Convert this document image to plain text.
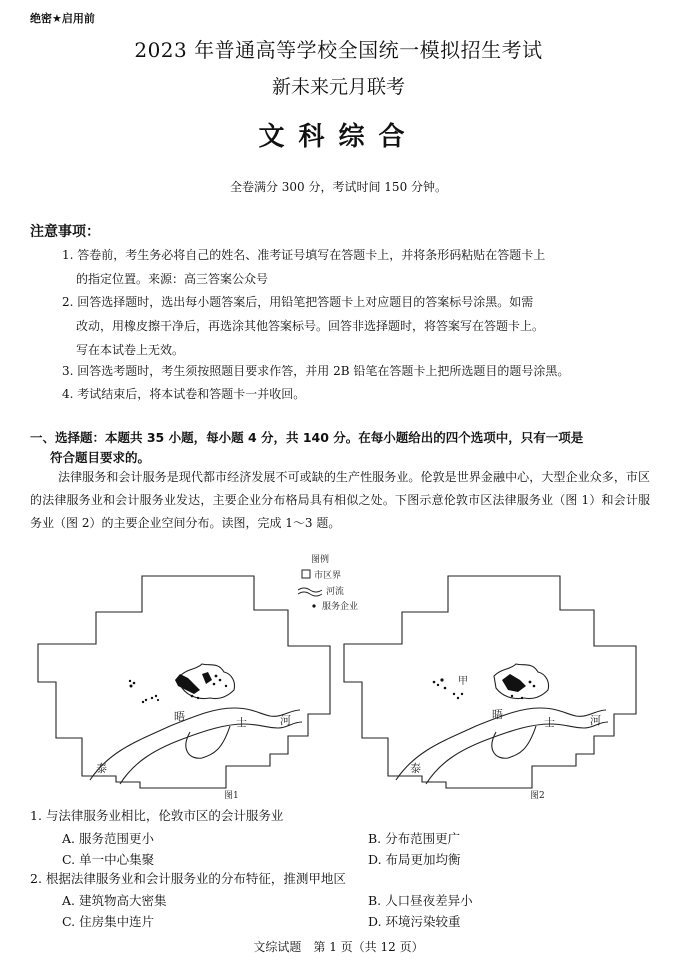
绝密★启用前
2023 年普通高等学校全国统一模拟招生考试
新未来元月联考
文科综合
全卷满分 300 分，考试时间 150 分钟。
注意事项：
1. 答卷前，考生务必将自己的姓名、准考证号填写在答题卡上，并将条形码粘贴在答题卡上
的指定位置。来源：高三答案公众号
2. 回答选择题时，选出每小题答案后，用铅笔把答题卡上对应题目的答案标号涂黑。如需
改动，用橡皮擦干净后，再选涂其他答案标号。回答非选择题时，将答案写在答题卡上。
写在本试卷上无效。
3. 回答选考题时，考生须按照题目要求作答，并用 2B 铅笔在答题卡上把所选题目的题号涂黑。
4. 考试结束后，将本试卷和答题卡一并收回。
一、选择题：本题共 35 小题，每小题 4 分，共 140 分。在每小题给出的四个选项中，只有一项是
符合题目要求的。
法律服务和会计服务是现代都市经济发展不可或缺的生产性服务业。伦敦是世界金融中心，大型企业众多，市区的法律服务业和会计服务业发达，主要企业分布格局具有相似之处。下图示意伦敦市区法律服务业（图 1）和会计服务业（图 2）的主要企业空间分布。读图，完成 1～3 题。
图例
市区界
河流
服务企业
晤	士	河
泰
图1
甲
晤
士	河
泰
图2
1. 与法律服务业相比，伦敦市区的会计服务业
A. 服务范围更小	B. 分布范围更广
C. 单一中心集聚	D. 布局更加均衡
2. 根据法律服务业和会计服务业的分布特征，推测甲地区
A. 建筑物高大密集	B. 人口昼夜差异小
C. 住房集中连片	D. 环境污染较重
文综试题　第 1 页（共 12 页）
